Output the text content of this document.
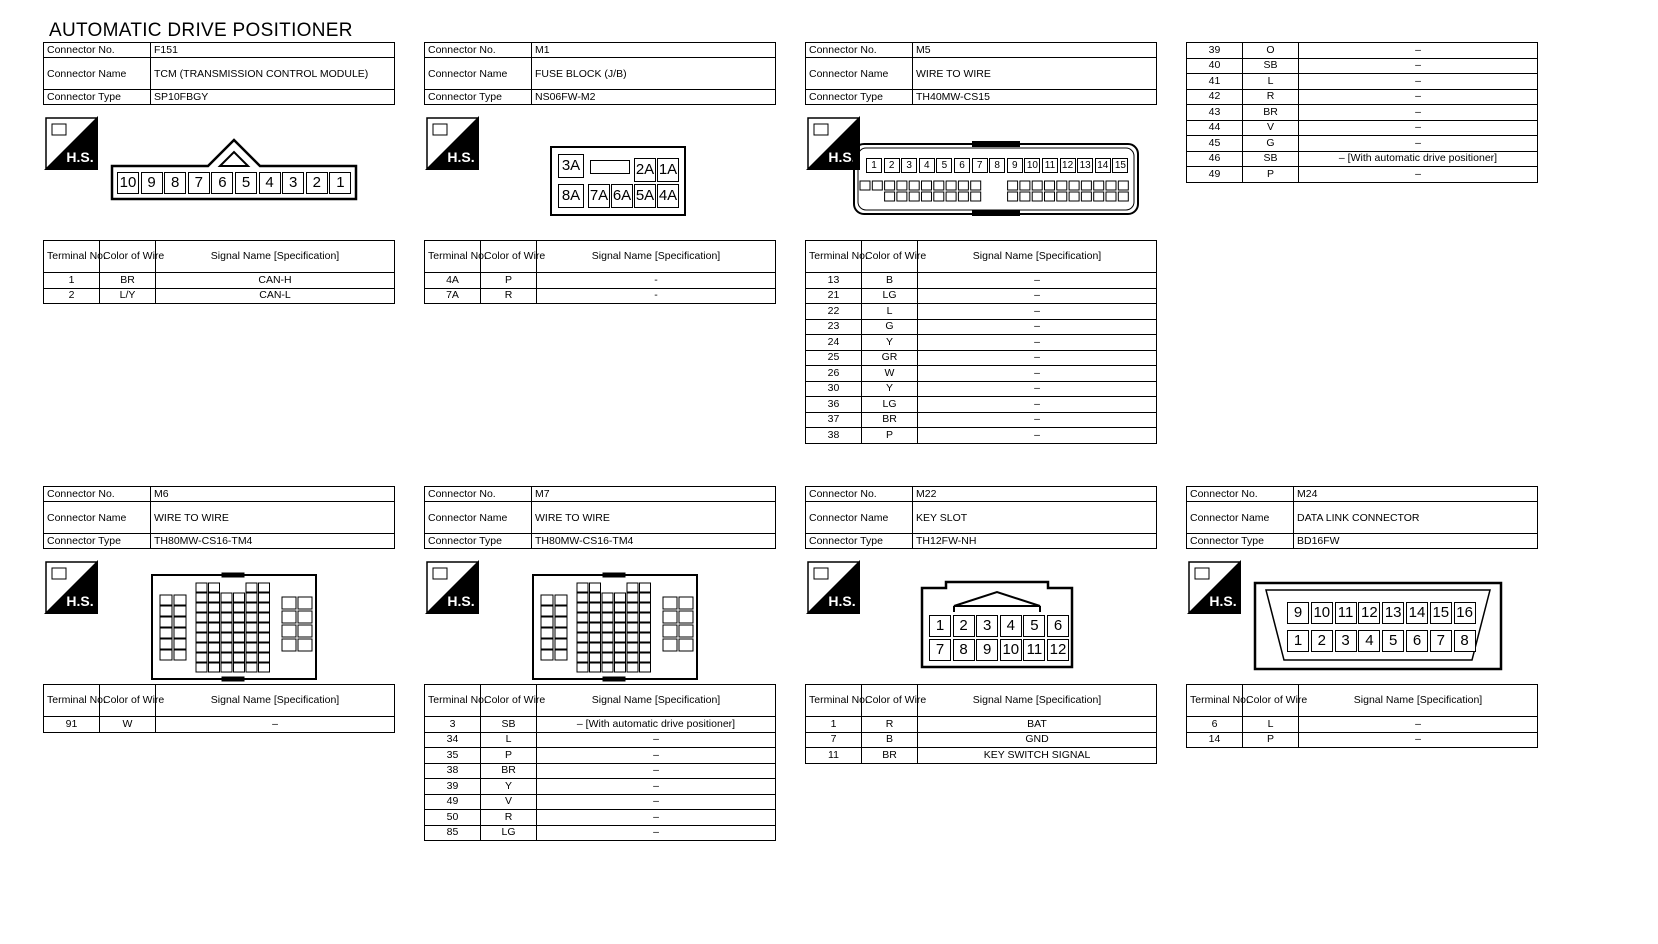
AUTOMATIC DRIVE POSITIONER
Connector No.	F151
Connector Name	TCM (TRANSMISSION CONTROL MODULE)
Connector Type	SP10FBGY
H.S.
10 9	8	7	6	5	4	3	2	1
Terminal No.	Color of Wire	Signal Name [Specification]
1	BR	CAN-H
2	L/Y	CAN-L
Connector No.	M1
Connector Name	FUSE BLOCK (J/B)
Connector Type	NS06FW-M2
H.S.	3A
8A 7A 6A 5A 4A
2A 1A
Terminal No.	Color of Wire	Signal Name [Specification]
4A	P	-
7A	R	-
Connector No.	M5
Connector Name	WIRE TO WIRE
Connector Type	TH40MW-CS15
H.S.
1	2	3	4	5	6	7	8	9 10 11 12 13 14 15
Terminal No.	Color of Wire	Signal Name [Specification]
13	B	–
21	LG	–
22	L	–
23	G	–
24	Y	–
25	GR	–
26	W	–
30	Y	–
36	LG	–
37	BR	–
38	P	–
39	O	–
40	SB	–
41	L	–
42	R	–
43	BR	–
44	V	–
45	G	–
46	SB	– [With automatic drive positioner]
49	P	–
Connector No.	M6
Connector Name	WIRE TO WIRE
Connector Type	TH80MW-CS16-TM4
H.S.
Terminal No.	Color of Wire	Signal Name [Specification]
91	W	–
Connector No.	M7
Connector Name	WIRE TO WIRE
Connector Type	TH80MW-CS16-TM4
H.S.
Terminal No.	Color of Wire	Signal Name [Specification]
3	SB	– [With automatic drive positioner]
34	L	–
35	P	–
38	BR	–
39	Y	–
49	V	–
50	R	–
85	LG	–
Connector No.	M22
Connector Name	KEY SLOT
Connector Type	TH12FW-NH
H.S.
1	2	3	4	5	6
7	8	9 10 11 12
Terminal No.	Color of Wire	Signal Name [Specification]
1	R	BAT
7	B	GND
11	BR	KEY SWITCH SIGNAL
Connector No.	M24
Connector Name	DATA LINK CONNECTOR
Connector Type	BD16FW
H.S.
9 10 11 12 13 14 15 16
1	2	3	4	5	6	7	8
Terminal No.	Color of Wire	Signal Name [Specification]
6	L	–
14	P	–
